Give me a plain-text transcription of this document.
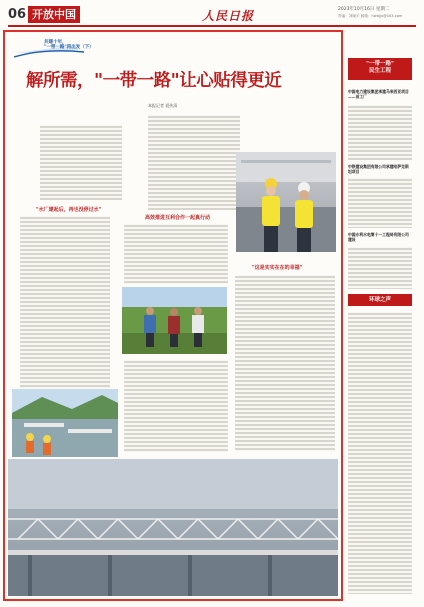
06 开放中国	人民日报	2023年10月16日 星期二
责编：刘晓平 邮箱：hwbjjx@163.com
共建十年，
"一带一路"再出发（下）
解所需，"一带一路"让心贴得更近
本报记者 聂传清
"水厂建起后，再也没停过水"
高效推进互利合作一起真行动
"这是实实在在的幸福"
"一带一路"
民生工程
中国电力建设集团承建马来西亚项目——首工厂
中铁建设集团有限公司承建哈萨克斯坦项目
中国水利水电第十一工程局有限公司建设
环球之声
